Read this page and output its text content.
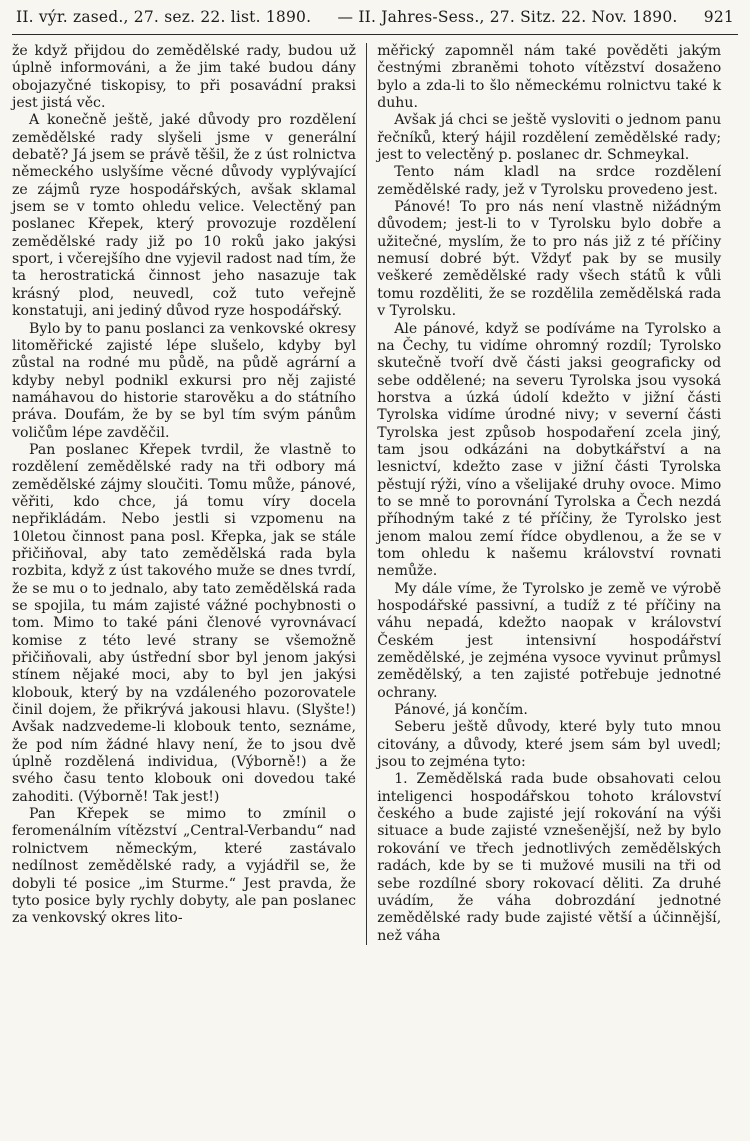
II. výr. zased., 27. sez. 22. list. 1890. — II. Jahres-Sess., 27. Sitz. 22. Nov. 1890. 921

že když přijdou do zemědělské rady, budou už úplně informováni, a že jim také budou dány obojazyčné tiskopisy, to při posavádní praksi jest jistá věc.

A konečně ještě, jaké důvody pro rozdělení zemědělské rady slyšeli jsme v generální debatě? Já jsem se právě těšil, že z úst rolnictva německého uslyšíme věcné důvody vyplývající ze zájmů ryze hospodářských, avšak sklamal jsem se v tomto ohledu velice. Velectěný pan poslanec Křepek, který provozuje rozdělení zemědělské rady již po 10 roků jako jakýsi sport, i včerejšího dne vyjevil radost nad tím, že ta herostratická činnost jeho nasazuje tak krásný plod, neuvedl, což tuto veřejně konstatuji, ani jediný důvod ryze hospodářský.

Bylo by to panu poslanci za venkovské okresy litoměřické zajisté lépe slušelo, kdyby byl zůstal na rodné mu půdě, na půdě agrární a kdyby nebyl podnikl exkursi pro něj zajisté namáhavou do historie starověku a do státního práva. Doufám, že by se byl tím svým pánům voličům lépe zavděčil.

Pan poslanec Křepek tvrdil, že vlastně to rozdělení zemědělské rady na tři odbory má zemědělské zájmy sloučiti. Tomu může, pánové, věřiti, kdo chce, já tomu víry docela nepřikládám. Nebo jestli si vzpomenu na 10letou činnost pana posl. Křepka, jak se stále přičiňoval, aby tato zemědělská rada byla rozbita, když z úst takového muže se dnes tvrdí, že se mu o to jednalo, aby tato zemědělská rada se spojila, tu mám zajisté vážné pochybnosti o tom. Mimo to také páni členové vyrovnávací komise z této levé strany se všemožně přičiňovali, aby ústřední sbor byl jenom jakýsi stínem nějaké moci, aby to byl jen jakýsi klobouk, který by na vzdáleného pozorovatele činil dojem, že přikrývá jakousi hlavu. (Slyšte!) Avšak nadzvedeme-li klobouk tento, seznáme, že pod ním žádné hlavy není, že to jsou dvě úplně rozdělená individua, (Výborně!) a že svého času tento klobouk oni dovedou také zahoditi. (Výborně! Tak jest!)

Pan Křepek se mimo to zmínil o feromenálním vítězství „Central-Verbandu“ nad rolnictvem německým, které zastávalo nedílnost zemědělské rady, a vyjádřil se, že dobyli té posice „im Sturme.“ Jest pravda, že tyto posice byly rychly dobyty, ale pan poslanec za venkovský okres lito-

měřický zapomněl nám také pověděti jakým čestnými zbraněmi tohoto vítězství dosaženo bylo a zda-li to šlo německému rolnictvu také k duhu.

Avšak já chci se ještě vysloviti o jednom panu řečníků, který hájil rozdělení zemědělské rady; jest to velectěný p. poslanec dr. Schmeykal.

Tento nám kladl na srdce rozdělení zemědělské rady, jež v Tyrolsku provedeno jest.

Pánové! To pro nás není vlastně nižádným důvodem; jest-li to v Tyrolsku bylo dobře a užitečné, myslím, že to pro nás již z té příčiny nemusí dobré být. Vždyť pak by se musily veškeré zemědělské rady všech států k vůli tomu rozděliti, že se rozdělila zemědělská rada v Tyrolsku.

Ale pánové, když se podíváme na Tyrolsko a na Čechy, tu vidíme ohromný rozdíl; Tyrolsko skutečně tvoří dvě části jaksi geograficky od sebe oddělené; na severu Tyrolska jsou vysoká horstva a úzká údolí kdežto v jižní části Tyrolska vidíme úrodné nivy; v severní části Tyrolska jest způsob hospodaření zcela jiný, tam jsou odkázáni na dobytkářství a na lesnictví, kdežto zase v jižní části Tyrolska pěstují rýži, víno a všelijaké druhy ovoce. Mimo to se mně to porovnání Tyrolska a Čech nezdá příhodným také z té příčiny, že Tyrolsko jest jenom malou zemí řídce obydlenou, a že se v tom ohledu k našemu království rovnati nemůže.

My dále víme, že Tyrolsko je země ve výrobě hospodářské passivní, a tudíž z té příčiny na váhu nepadá, kdežto naopak v království Českém jest intensivní hospodářství zemědělské, je zejména vysoce vyvinut průmysl zemědělský, a ten zajisté potřebuje jednotné ochrany.

Pánové, já končím.

Seberu ještě důvody, které byly tuto mnou citovány, a důvody, které jsem sám byl uvedl; jsou to zejména tyto:

1. Zemědělská rada bude obsahovati celou inteligenci hospodářskou tohoto království českého a bude zajisté její rokování na výši situace a bude zajisté vznešenější, než by bylo rokování ve třech jednotlivých zemědělských radách, kde by se ti mužové musili na tři od sebe rozdílné sbory rokovací děliti. Za druhé uvádím, že váha dobrozdání jednotné zemědělské rady bude zajisté větší a účinnější, než váha
